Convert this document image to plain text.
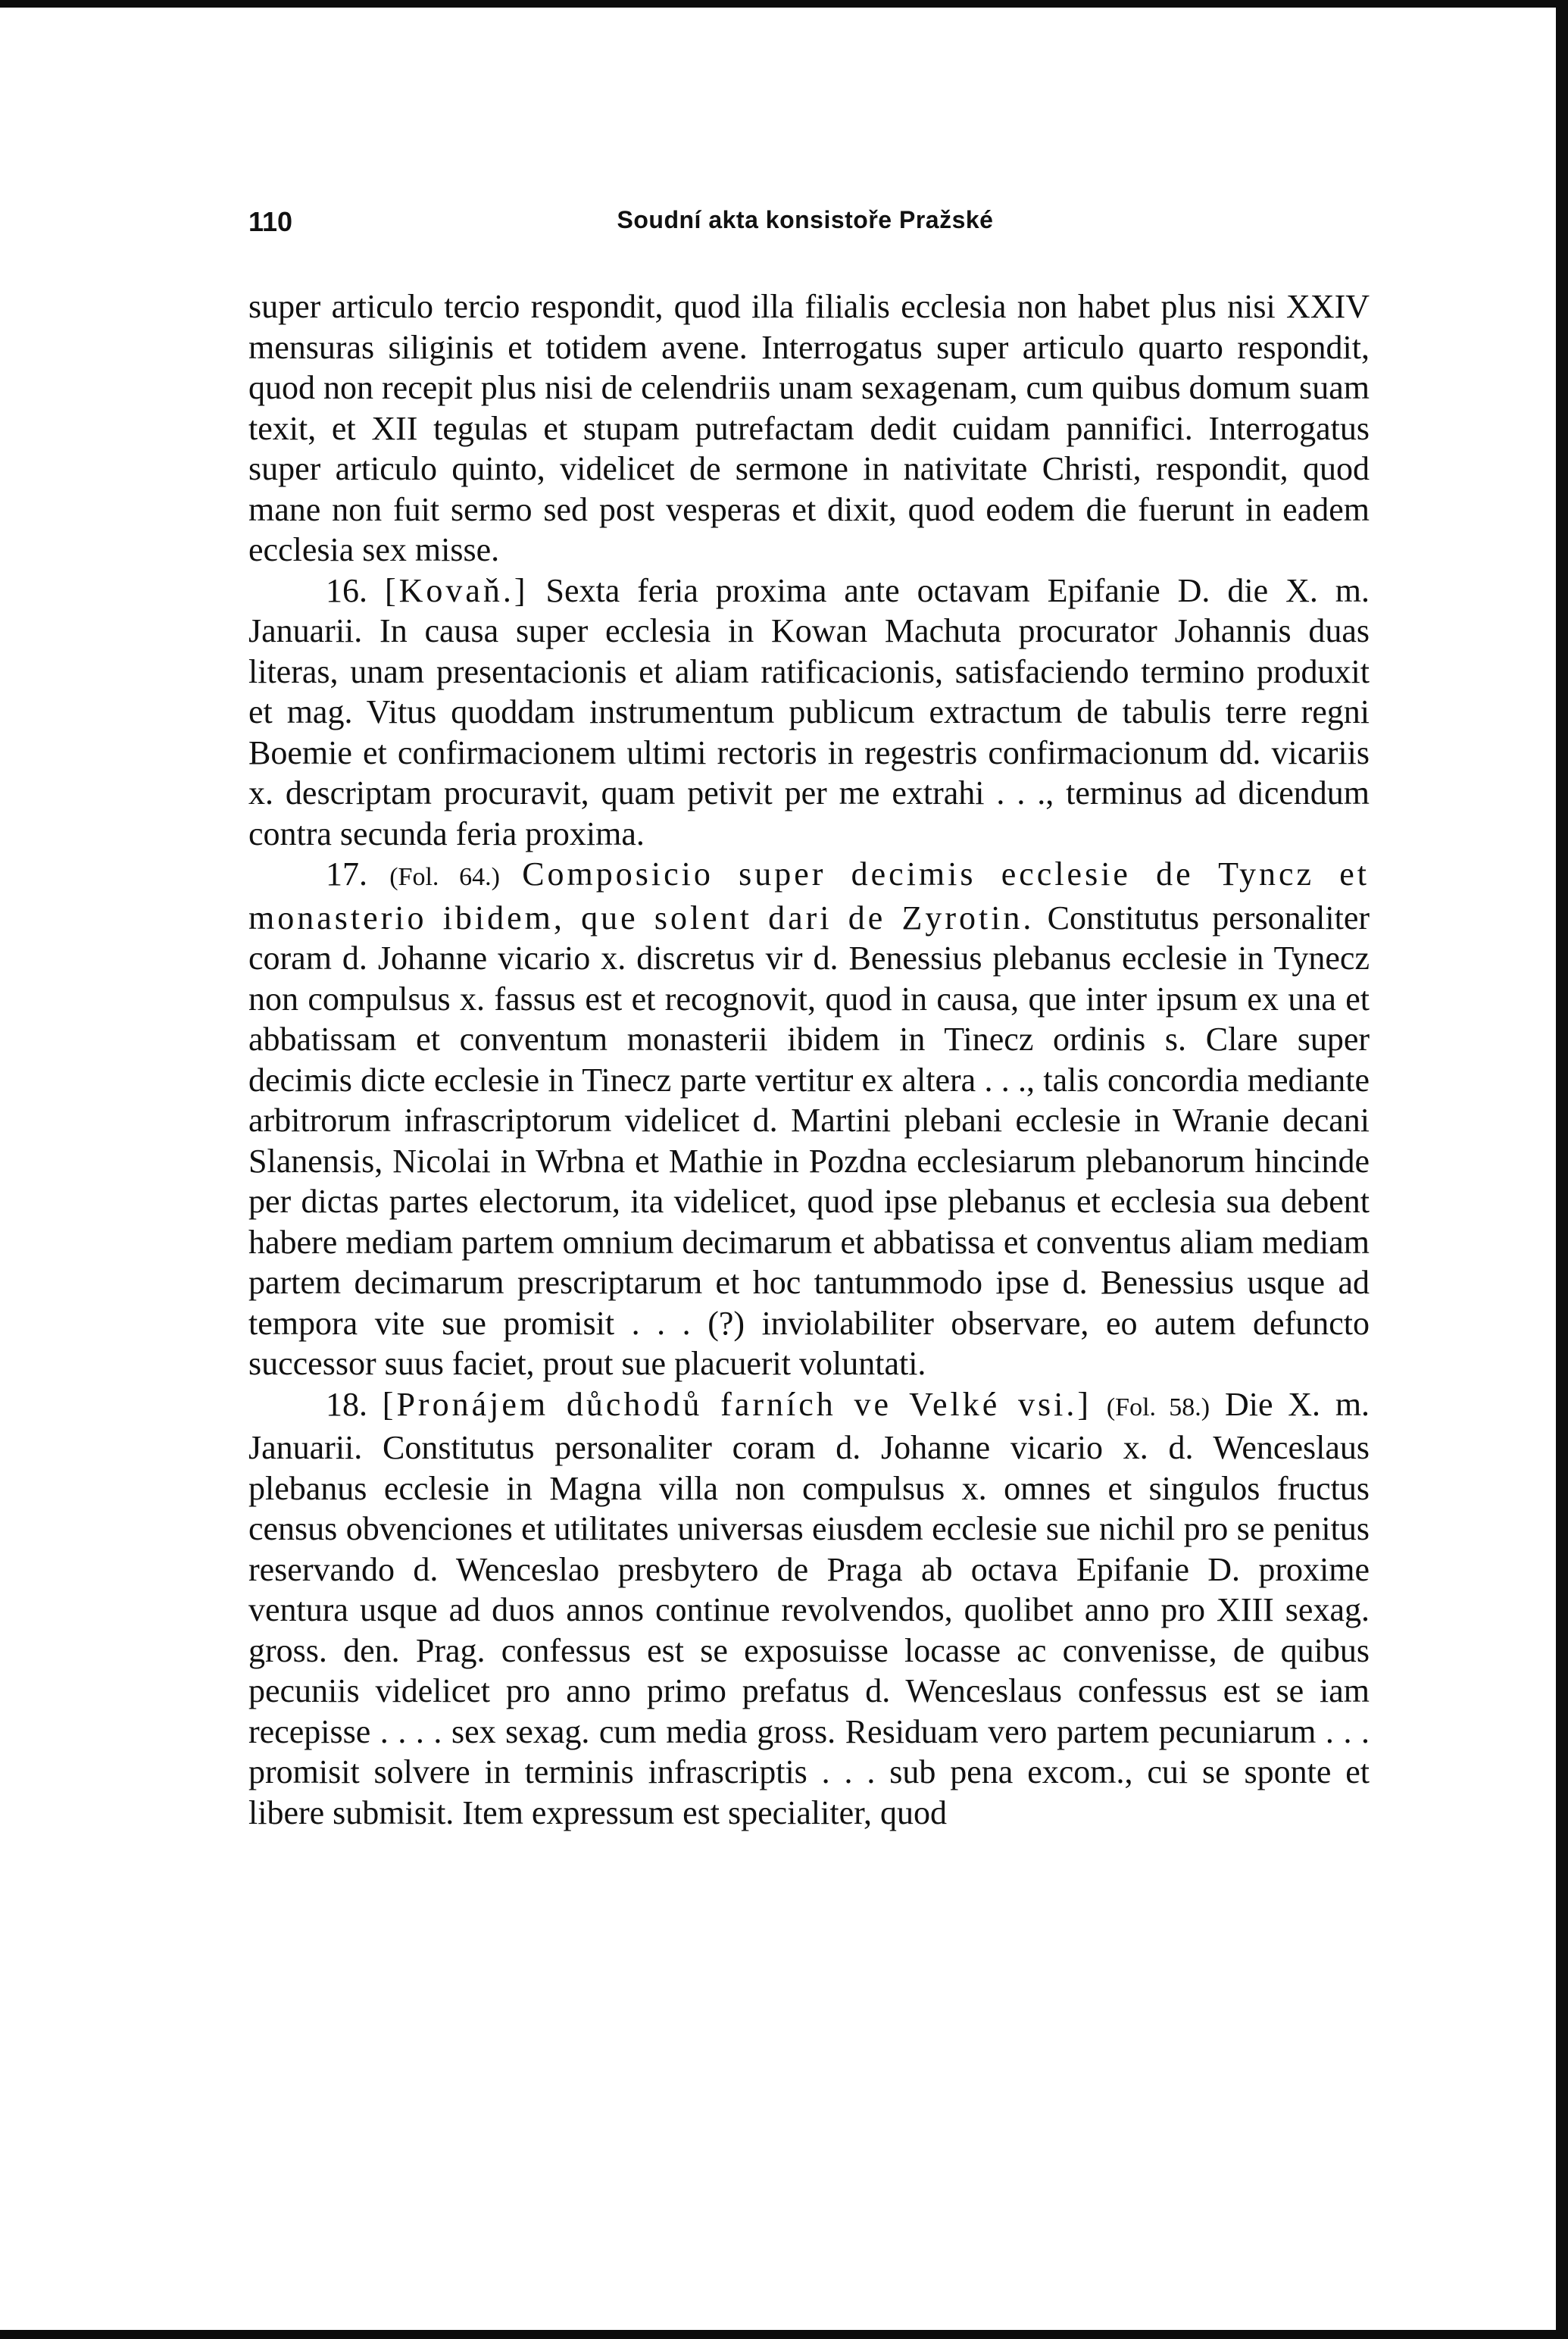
110	Soudní akta konsistoře Pražské

super articulo tercio respondit, quod illa filialis ecclesia non habet plus nisi XXIV mensuras siliginis et totidem avene. Interrogatus super articulo quarto respondit, quod non recepit plus nisi de celendriis unam sexagenam, cum quibus domum suam texit, et XII tegulas et stupam putrefactam dedit cuidam pannifici. Interrogatus super articulo quinto, videlicet de sermone in nativitate Christi, respondit, quod mane non fuit sermo sed post vesperas et dixit, quod eodem die fuerunt in eadem ecclesia sex misse.

16. [Kovaň.] Sexta feria proxima ante octavam Epifanie D. die X. m. Januarii. In causa super ecclesia in Kowan Machuta procurator Johannis duas literas, unam presentacionis et aliam ratificacionis, satisfaciendo termino produxit et mag. Vitus quoddam instrumentum publicum extractum de tabulis terre regni Boemie et confirmacionem ultimi rectoris in regestris confirmacionum dd. vicariis x. descriptam procuravit, quam petivit per me extrahi . . ., terminus ad dicendum contra secunda feria proxima.

17. (Fol. 64.) Composicio super decimis ecclesie de Tyncz et monasterio ibidem, que solent dari de Zyrotin. Constitutus personaliter coram d. Johanne vicario x. discretus vir d. Benessius plebanus ecclesie in Tynecz non compulsus x. fassus est et recognovit, quod in causa, que inter ipsum ex una et abbatissam et conventum monasterii ibidem in Tinecz ordinis s. Clare super decimis dicte ecclesie in Tinecz parte vertitur ex altera . . ., talis concordia mediante arbitrorum infrascriptorum videlicet d. Martini plebani ecclesie in Wranie decani Slanensis, Nicolai in Wrbna et Mathie in Pozdna ecclesiarum plebanorum hincinde per dictas partes electorum, ita videlicet, quod ipse plebanus et ecclesia sua debent habere mediam partem omnium decimarum et abbatissa et conventus aliam mediam partem decimarum prescriptarum et hoc tantummodo ipse d. Benessius usque ad tempora vite sue promisit . . . (?) inviolabiliter observare, eo autem defuncto successor suus faciet, prout sue placuerit voluntati.

18. [Pronájem důchodů farních ve Velké vsi.] (Fol. 58.) Die X. m. Januarii. Constitutus personaliter coram d. Johanne vicario x. d. Wenceslaus plebanus ecclesie in Magna villa non compulsus x. omnes et singulos fructus census obvenciones et utilitates universas eiusdem ecclesie sue nichil pro se penitus reservando d. Wenceslao presbytero de Praga ab octava Epifanie D. proxime ventura usque ad duos annos continue revolvendos, quolibet anno pro XIII sexag. gross. den. Prag. confessus est se exposuisse locasse ac convenisse, de quibus pecuniis videlicet pro anno primo prefatus d. Wenceslaus confessus est se iam recepisse . . . . sex sexag. cum media gross. Residuam vero partem pecuniarum . . . promisit solvere in terminis infrascriptis . . . sub pena excom., cui se sponte et libere submisit. Item expressum est specialiter, quod
